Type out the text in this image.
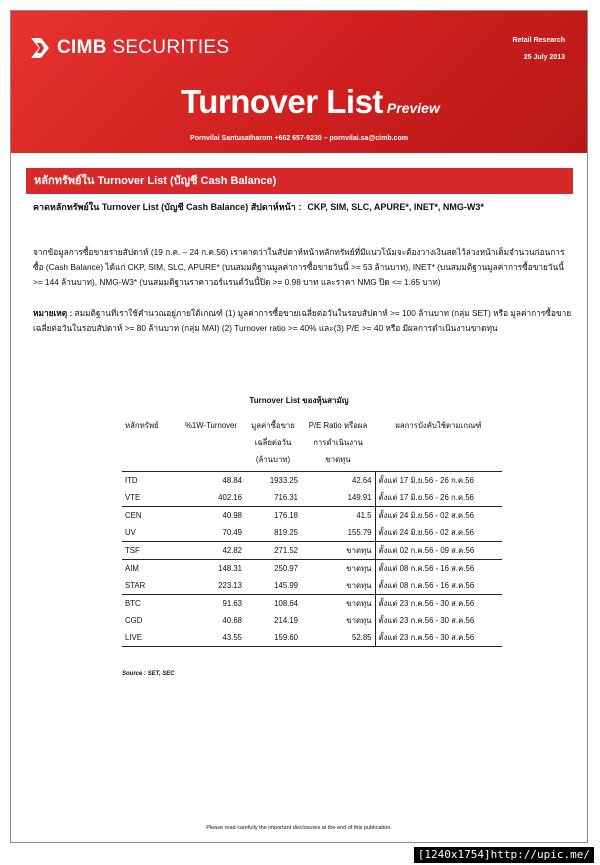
CIMB SECURITIES	Retail Research
25 July 2013
Turnover List Preview
Pornvilai Santusatharom +662 657-9230 – pornvilai.sa@cimb.com
หลักทรัพย์ใน Turnover List (บัญชี Cash Balance)
คาดหลักทรัพย์ใน Turnover List (บัญชี Cash Balance) สัปดาห์หน้า : CKP, SIM, SLC, APURE*, INET*, NMG-W3*
จากข้อมูลการซื้อขายรายสัปดาห์ (19 ก.ค. – 24 ก.ค.56) เราคาดว่าในสัปดาห์หน้าหลักทรัพย์ที่มีแนวโน้มจะต้องวางเงินสดไว้ล่วงหน้าเต็มจำนวนก่อนการซื้อ (Cash Balance) ได้แก่ CKP, SIM, SLC, APURE* (บนสมมติฐานมูลค่าการซื้อขายวันนี้ >= 53 ล้านบาท), INET* (บนสมมติฐานมูลค่าการซื้อขายวันนี้ >= 144 ล้านบาท), NMG-W3* (บนสมมติฐานราคาวอร์แรนต์วันนี้ปิด >= 0.98 บาท และราคา NMG ปิด <= 1.65 บาท)
หมายเหตุ : สมมติฐานที่เราใช้คำนวณอยู่ภายใต้เกณฑ์ (1) มูลค่าการซื้อขายเฉลี่ยต่อวันในรอบสัปดาห์ >= 100 ล้านบาท (กลุ่ม SET) หรือ มูลค่าการซื้อขายเฉลี่ยต่อวันในรอบสัปดาห์ >= 80 ล้านบาท (กลุ่ม MAI) (2) Turnover ratio >= 40% และ(3) P/E >= 40 หรือ มีผลการดำเนินงานขาดทุน
Turnover List ของหุ้นสามัญ
หลักทรัพย์	%1W-Turnover	มูลค่าซื้อขายเฉลี่ยต่อวัน (ล้านบาท)	P/E Ratio หรือผลการดำเนินงานขาดทุน	ผลการบังคับใช้ตามเกณฑ์
ITD	48.84	1933.25	42.64	ตั้งแต่ 17 มิ.ย.56 - 26 ก.ค.56
VTE	402.16	716.31	149.91	ตั้งแต่ 17 มิ.ย.56 - 26 ก.ค.56
CEN	40.98	176.18	41.5	ตั้งแต่ 24 มิ.ย.56 - 02 ส.ค.56
UV	70.49	819.25	155.79	ตั้งแต่ 24 มิ.ย.56 - 02 ส.ค.56
TSF	42.82	271.52	ขาดทุน	ตั้งแต่ 02 ก.ค.56 - 09 ส.ค.56
AIM	148.31	250.97	ขาดทุน	ตั้งแต่ 08 ก.ค.56 - 16 ส.ค.56
STAR	223.13	145.99	ขาดทุน	ตั้งแต่ 08 ก.ค.56 - 16 ส.ค.56
BTC	91.63	108.64	ขาดทุน	ตั้งแต่ 23 ก.ค.56 - 30 ส.ค.56
CGD	40.68	214.19	ขาดทุน	ตั้งแต่ 23 ก.ค.56 - 30 ส.ค.56
LIVE	43.55	159.60	52.85	ตั้งแต่ 23 ก.ค.56 - 30 ส.ค.56
Source : SET, SEC
Please read carefully the important disclosures at the end of this publication.
[1240x1754]http://upic.me/
